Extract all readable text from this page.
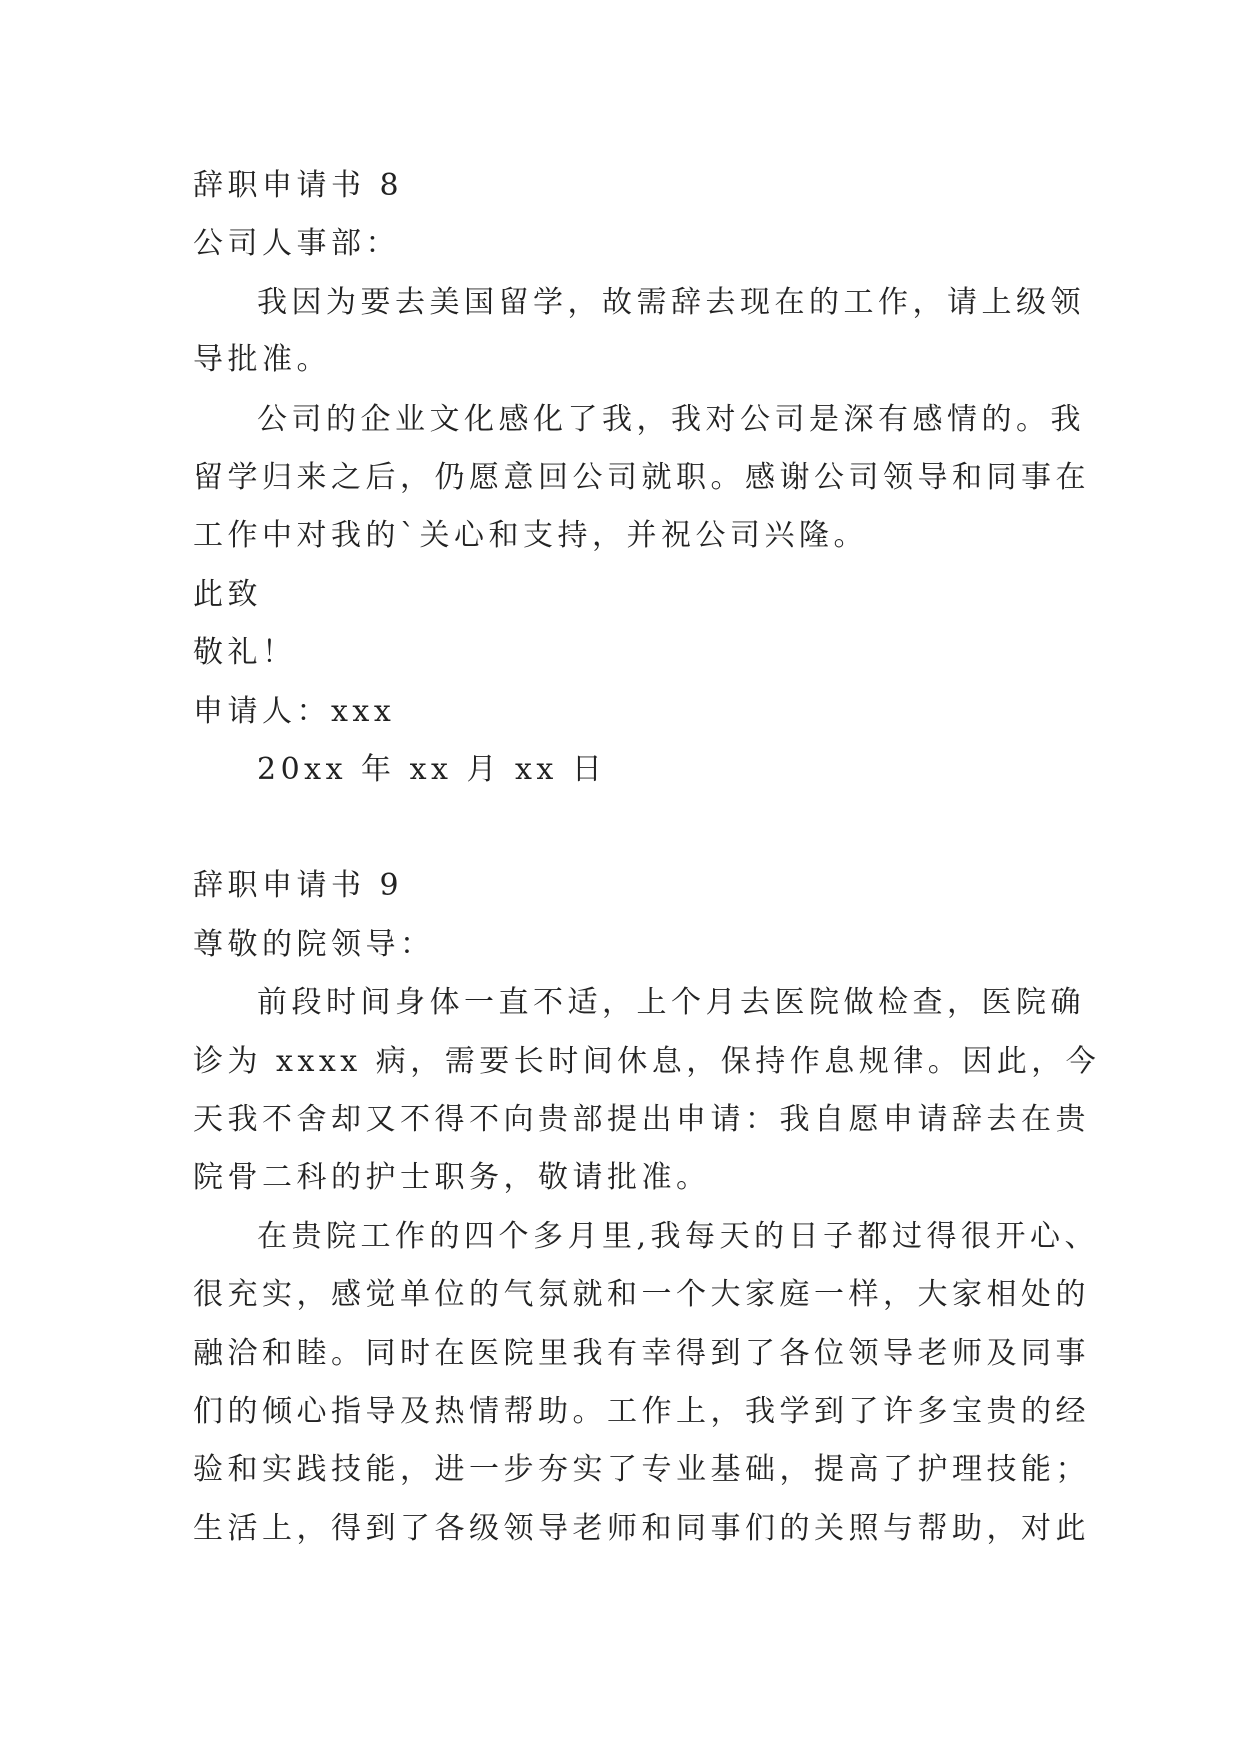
辞职申请书 8
公司人事部：
我因为要去美国留学，故需辞去现在的工作，请上级领
导批准。
公司的企业文化感化了我，我对公司是深有感情的。我
留学归来之后，仍愿意回公司就职。感谢公司领导和同事在
工作中对我的`关心和支持，并祝公司兴隆。
此致
敬礼！
申请人：xxx
20xx 年 xx 月 xx 日
辞职申请书 9
尊敬的院领导：
前段时间身体一直不适，上个月去医院做检查，医院确
诊为 xxxx 病，需要长时间休息，保持作息规律。因此，今
天我不舍却又不得不向贵部提出申请：我自愿申请辞去在贵
院骨二科的护士职务，敬请批准。
在贵院工作的四个多月里,我每天的日子都过得很开心、
很充实，感觉单位的气氛就和一个大家庭一样，大家相处的
融洽和睦。同时在医院里我有幸得到了各位领导老师及同事
们的倾心指导及热情帮助。工作上，我学到了许多宝贵的经
验和实践技能，进一步夯实了专业基础，提高了护理技能；
生活上，得到了各级领导老师和同事们的关照与帮助，对此
